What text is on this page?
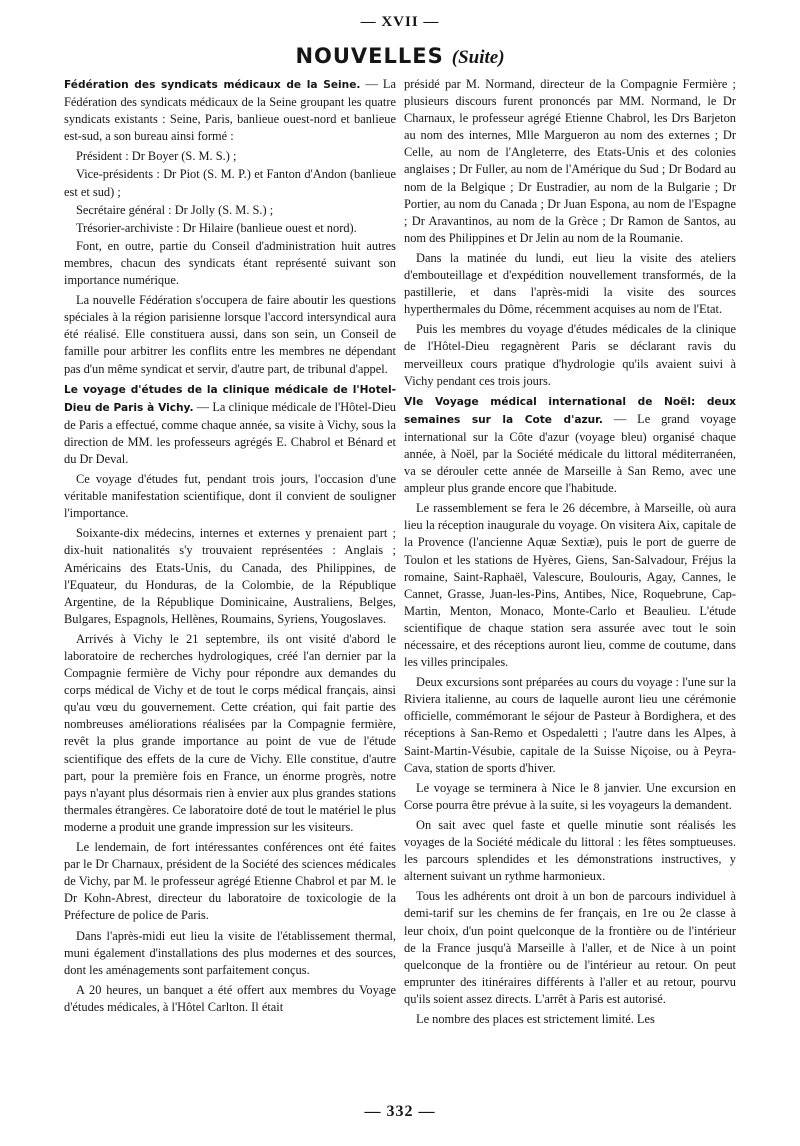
— XVII —
NOUVELLES (Suite)

Fédération des syndicats médicaux de la Seine. — La Fédération des syndicats médicaux de la Seine groupant les quatre syndicats existants : Seine, Paris, banlieue ouest-nord et banlieue est-sud, a son bureau ainsi formé :

Président : Dr Boyer (S. M. S.) ;

Vice-présidents : Dr Piot (S. M. P.) et Fanton d'Andon (banlieue est et sud) ;

Secrétaire général : Dr Jolly (S. M. S.) ;

Trésorier-archiviste : Dr Hilaire (banlieue ouest et nord).

Font, en outre, partie du Conseil d'administration huit autres membres, chacun des syndicats étant représenté suivant son importance numérique.

La nouvelle Fédération s'occupera de faire aboutir les questions spéciales à la région parisienne lorsque l'accord intersyndical aura été réalisé. Elle constituera aussi, dans son sein, un Conseil de famille pour arbitrer les conflits entre les membres ne dépendant pas d'un même syndicat et servir, d'autre part, de tribunal d'appel.

Le voyage d'études de la clinique médicale de l'Hotel-Dieu de Paris à Vichy. — La clinique médicale de l'Hôtel-Dieu de Paris a effectué, comme chaque année, sa visite à Vichy, sous la direction de MM. les professeurs agrégés E. Chabrol et Bénard et du Dr Deval.

Ce voyage d'études fut, pendant trois jours, l'occasion d'une véritable manifestation scientifique, dont il convient de souligner l'importance.

Soixante-dix médecins, internes et externes y prenaient part ; dix-huit nationalités s'y trouvaient représentées : Anglais ; Américains des Etats-Unis, du Canada, des Philippines, de l'Equateur, du Honduras, de la Colombie, de la République Argentine, de la République Dominicaine, Australiens, Belges, Bulgares, Espagnols, Hellènes, Roumains, Syriens, Yougoslaves.

Arrivés à Vichy le 21 septembre, ils ont visité d'abord le laboratoire de recherches hydrologiques, créé l'an dernier par la Compagnie fermière de Vichy pour répondre aux demandes du corps médical de Vichy et de tout le corps médical français, ainsi qu'au vœu du gouvernement. Cette création, qui fait partie des nombreuses améliorations réalisées par la Compagnie fermière, revêt la plus grande importance au point de vue de l'étude scientifique des effets de la cure de Vichy. Elle constitue, d'autre part, pour la première fois en France, un énorme progrès, notre pays n'ayant plus désormais rien à envier aux plus grandes stations thermales étrangères. Ce laboratoire doté de tout le matériel le plus moderne a produit une grande impression sur les visiteurs.

Le lendemain, de fort intéressantes conférences ont été faites par le Dr Charnaux, président de la Société des sciences médicales de Vichy, par M. le professeur agrégé Etienne Chabrol et par M. le Dr Kohn-Abrest, directeur du laboratoire de toxicologie de la Préfecture de police de Paris.

Dans l'après-midi eut lieu la visite de l'établissement thermal, muni également d'installations des plus modernes et des sources, dont les aménagements sont parfaitement conçus.

A 20 heures, un banquet a été offert aux membres du Voyage d'études médicales, à l'Hôtel Carlton. Il était

présidé par M. Normand, directeur de la Compagnie Fermière ; plusieurs discours furent prononcés par MM. Normand, le Dr Charnaux, le professeur agrégé Etienne Chabrol, les Drs Barjeton au nom des internes, Mlle Margueron au nom des externes ; Dr Celle, au nom de l'Angleterre, des Etats-Unis et des colonies anglaises ; Dr Fuller, au nom de l'Amérique du Sud ; Dr Bodard au nom de la Belgique ; Dr Eustradier, au nom de la Bulgarie ; Dr Portier, au nom du Canada ; Dr Juan Espona, au nom de l'Espagne ; Dr Aravantinos, au nom de la Grèce ; Dr Ramon de Santos, au nom des Philippines et Dr Jelin au nom de la Roumanie.

Dans la matinée du lundi, eut lieu la visite des ateliers d'embouteillage et d'expédition nouvellement transformés, de la pastillerie, et dans l'après-midi la visite des sources hyperthermales du Dôme, récemment acquises au nom de l'Etat.

Puis les membres du voyage d'études médicales de la clinique de l'Hôtel-Dieu regagnèrent Paris se déclarant ravis du merveilleux cours pratique d'hydrologie qu'ils avaient suivi à Vichy pendant ces trois jours.

VIe Voyage médical international de Noël: deux semaines sur la Cote d'azur. — Le grand voyage international sur la Côte d'azur (voyage bleu) organisé chaque année, à Noël, par la Société médicale du littoral méditerranéen, va se dérouler cette année de Marseille à San Remo, avec une ampleur plus grande encore que l'habitude.

Le rassemblement se fera le 26 décembre, à Marseille, où aura lieu la réception inaugurale du voyage. On visitera Aix, capitale de la Provence (l'ancienne Aquæ Sextiæ), puis le port de guerre de Toulon et les stations de Hyères, Giens, San-Salvadour, Fréjus la romaine, Saint-Raphaël, Valescure, Boulouris, Agay, Cannes, le Cannet, Grasse, Juan-les-Pins, Antibes, Nice, Roquebrune, Cap-Martin, Menton, Monaco, Monte-Carlo et Beaulieu. L'étude scientifique de chaque station sera assurée avec tout le soin nécessaire, et des réceptions auront lieu, comme de coutume, dans les villes principales.

Deux excursions sont préparées au cours du voyage : l'une sur la Riviera italienne, au cours de laquelle auront lieu une cérémonie officielle, commémorant le séjour de Pasteur à Bordighera, et des réceptions à San-Remo et Ospedaletti ; l'autre dans les Alpes, à Saint-Martin-Vésubie, capitale de la Suisse Niçoise, ou à Peyra-Cava, station de sports d'hiver.

Le voyage se terminera à Nice le 8 janvier. Une excursion en Corse pourra être prévue à la suite, si les voyageurs la demandent.

On sait avec quel faste et quelle minutie sont réalisés les voyages de la Société médicale du littoral : les fêtes somptueuses. les parcours splendides et les démonstrations instructives, y alternent suivant un rythme harmonieux.

Tous les adhérents ont droit à un bon de parcours individuel à demi-tarif sur les chemins de fer français, en 1re ou 2e classe à leur choix, d'un point quelconque de la frontière ou de l'intérieur de la France jusqu'à Marseille à l'aller, et de Nice à un point quelconque de la frontière ou de l'intérieur au retour. On peut emprunter des itinéraires différents à l'aller et au retour, pourvu qu'ils soient assez directs. L'arrêt à Paris est autorisé.

Le nombre des places est strictement limité. Les

— 332 —
